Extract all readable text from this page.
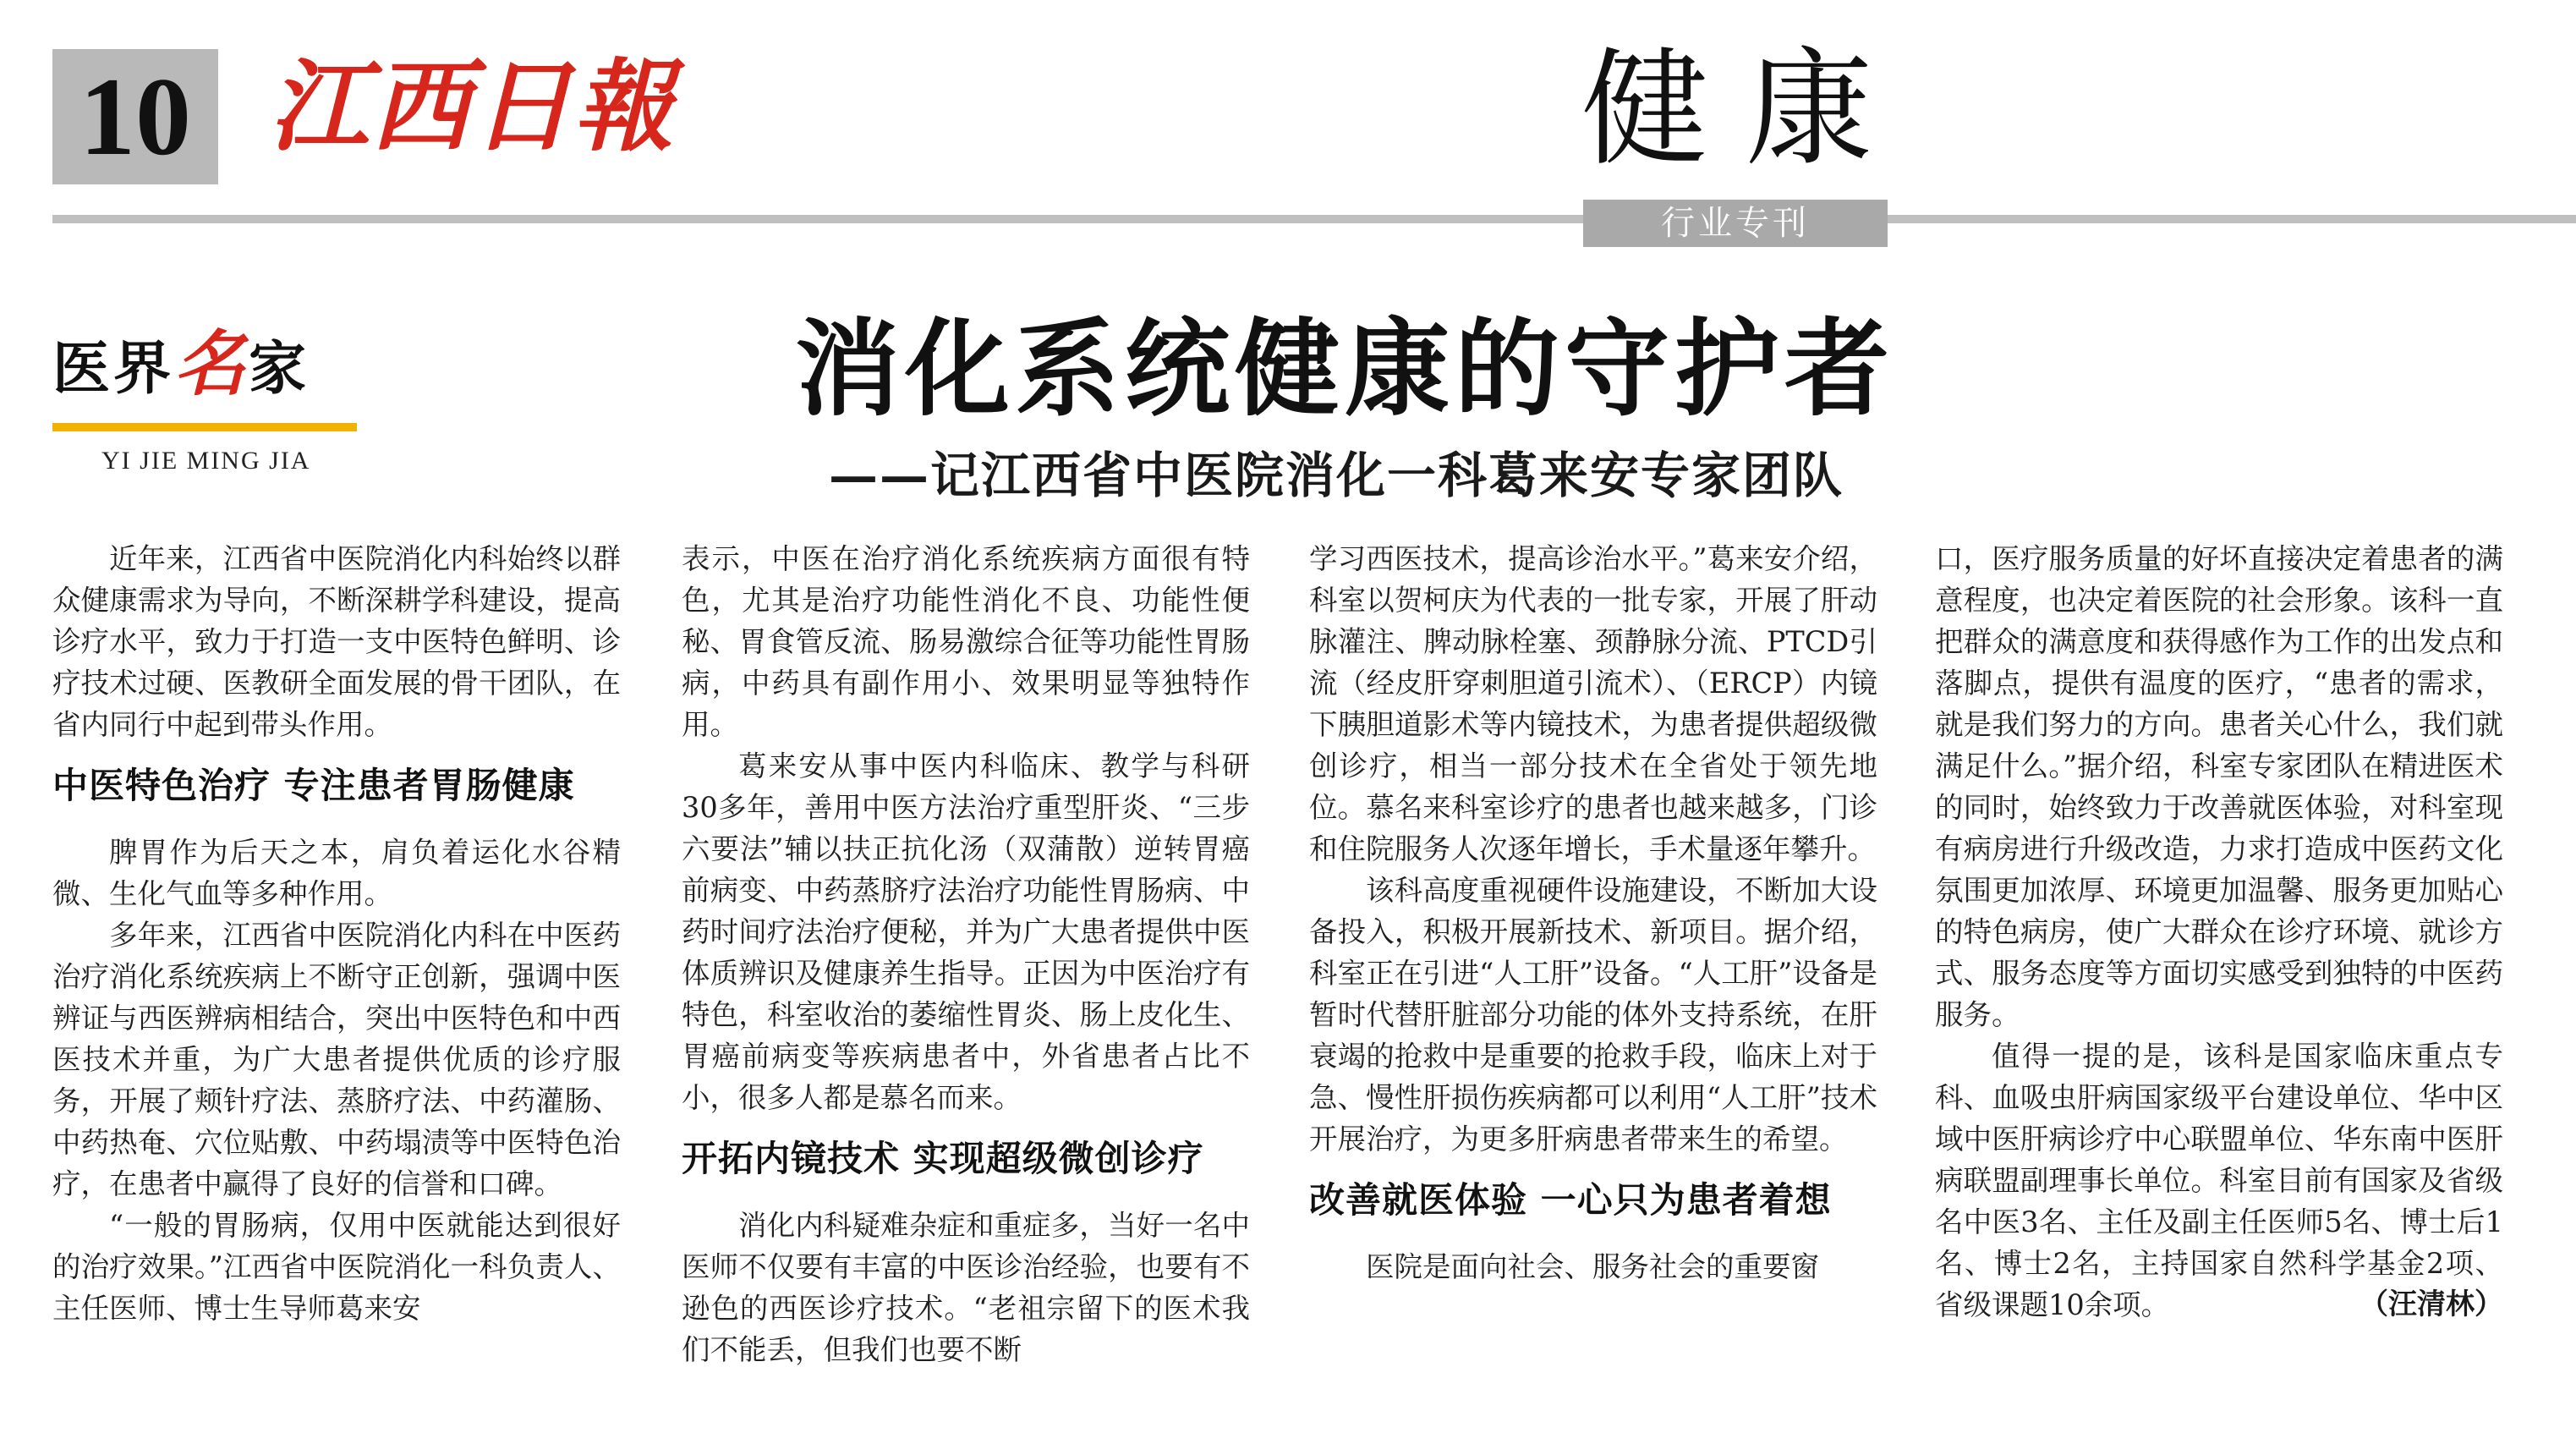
10 江西日報	健康
行业专刊
医界名家
YI JIE MING JIA
消化系统健康的守护者
——记江西省中医院消化一科葛来安专家团队

近年来，江西省中医院消化内科始终以群众健康需求为导向，不断深耕学科建设，提高诊疗水平，致力于打造一支中医特色鲜明、诊疗技术过硬、医教研全面发展的骨干团队，在省内同行中起到带头作用。

中医特色治疗 专注患者胃肠健康

脾胃作为后天之本，肩负着运化水谷精微、生化气血等多种作用。

多年来，江西省中医院消化内科在中医药治疗消化系统疾病上不断守正创新，强调中医辨证与西医辨病相结合，突出中医特色和中西医技术并重，为广大患者提供优质的诊疗服务，开展了颊针疗法、蒸脐疗法、中药灌肠、中药热奄、穴位贴敷、中药塌渍等中医特色治疗，在患者中赢得了良好的信誉和口碑。

“一般的胃肠病，仅用中医就能达到很好的治疗效果。”江西省中医院消化一科负责人、主任医师、博士生导师葛来安

表示，中医在治疗消化系统疾病方面很有特色，尤其是治疗功能性消化不良、功能性便秘、胃食管反流、肠易激综合征等功能性胃肠病，中药具有副作用小、效果明显等独特作用。

葛来安从事中医内科临床、教学与科研30多年，善用中医方法治疗重型肝炎、“三步六要法”辅以扶正抗化汤（双蒲散）逆转胃癌前病变、中药蒸脐疗法治疗功能性胃肠病、中药时间疗法治疗便秘，并为广大患者提供中医体质辨识及健康养生指导。正因为中医治疗有特色，科室收治的萎缩性胃炎、肠上皮化生、胃癌前病变等疾病患者中，外省患者占比不小，很多人都是慕名而来。

开拓内镜技术 实现超级微创诊疗

消化内科疑难杂症和重症多，当好一名中医师不仅要有丰富的中医诊治经验，也要有不逊色的西医诊疗技术。“老祖宗留下的医术我们不能丢，但我们也要不断

学习西医技术，提高诊治水平。”葛来安介绍，科室以贺柯庆为代表的一批专家，开展了肝动脉灌注、脾动脉栓塞、颈静脉分流、PTCD引流（经皮肝穿刺胆道引流术）、（ERCP）内镜下胰胆道影术等内镜技术，为患者提供超级微创诊疗，相当一部分技术在全省处于领先地位。慕名来科室诊疗的患者也越来越多，门诊和住院服务人次逐年增长，手术量逐年攀升。

该科高度重视硬件设施建设，不断加大设备投入，积极开展新技术、新项目。据介绍，科室正在引进“人工肝”设备。“人工肝”设备是暂时代替肝脏部分功能的体外支持系统，在肝衰竭的抢救中是重要的抢救手段，临床上对于急、慢性肝损伤疾病都可以利用“人工肝”技术开展治疗，为更多肝病患者带来生的希望。

改善就医体验 一心只为患者着想

医院是面向社会、服务社会的重要窗

口，医疗服务质量的好坏直接决定着患者的满意程度，也决定着医院的社会形象。该科一直把群众的满意度和获得感作为工作的出发点和落脚点，提供有温度的医疗，“患者的需求，就是我们努力的方向。患者关心什么，我们就满足什么。”据介绍，科室专家团队在精进医术的同时，始终致力于改善就医体验，对科室现有病房进行升级改造，力求打造成中医药文化氛围更加浓厚、环境更加温馨、服务更加贴心的特色病房，使广大群众在诊疗环境、就诊方式、服务态度等方面切实感受到独特的中医药服务。

值得一提的是，该科是国家临床重点专科、血吸虫肝病国家级平台建设单位、华中区域中医肝病诊疗中心联盟单位、华东南中医肝病联盟副理事长单位。科室目前有国家及省级名中医3名、主任及副主任医师5名、博士后1名、博士2名，主持国家自然科学基金2项、省级课题10余项。	（汪清林）
